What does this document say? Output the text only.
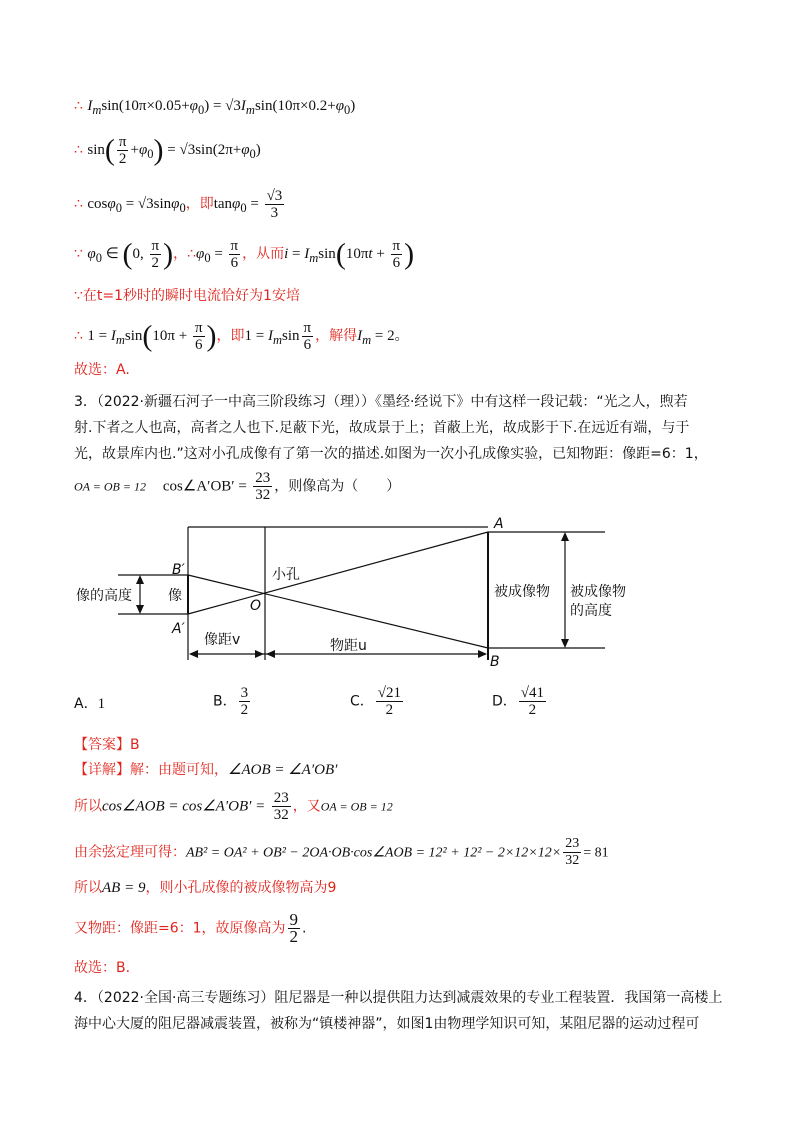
∴ $I_m\sin(10\pi\times 0.05+\varphi_0) = √3I_m\sin(10\pi\times 0.2+\varphi_0)$
∴ $\sin( \frac{\pi}{2} +\varphi_0) = √3\sin(2\pi+\varphi_0)$
∴ cosφ$_0$ = √3sinφ$_0$，即$\tan\varphi_0 = \frac{√3}{3}$
∵ $\varphi_0$ ∈ (0, $\frac{\pi}{2}$ )，$\therefore\varphi_0 = \frac{\pi}{6}$ ，从而$i = I_m\sin(10\pi t + \frac{\pi}{6}$ )
∵在t=1秒时的瞬时电流恰好为1安培
∴ $1 = I_m\sin(10\pi + \frac{\pi}{6}$ )，即$1 = I_m\sin \frac{\pi}{6}$ ，解得$I_m = 2$。
故选：A.
3．（2022·新疆石河子一中高三阶段练习（理））《墨经·经说下》中有这样一段记载：“光之人，煦若
射.下者之人也高，高者之人也下.足蔽下光，故成景于上；首蔽上光，故成影于下.在远近有端，与于
光，故景库内也.”这对小孔成像有了第一次的描述.如图为一次小孔成像实验，已知物距：像距=6：1，
OA = OB = 12 cos∠A′OB′ = $\frac{23}{32}$ ，则像高为（　　）
像的高度	像
小孔
O
B′
A′
A
B
被成像物 被成像物
的高度
像距v	物距u
A．1	B． $\frac{3}{2}$	C． $\frac{√21}{2}$	D． $\frac{√41}{2}$
【答案】B
【详解】解：由题可知，∠AOB = ∠A′OB′
所以cos∠AOB = cos∠A′OB′ = $\frac{23}{32}$ ，又OA = OB = 12
由余弦定理可得：AB² = OA² + OB² − 2OA·OB·cos∠AOB = $12^2 + 12^2 - 2\times 12\times 12\times \frac{23}{32} = 81$
所以AB = 9，则小孔成像的被成像物高为9
又物距：像距=6：1，故原像高为 $\frac{9}{2}$ .
故选：B.
4．（2022·全国·高三专题练习）阻尼器是一种以提供阻力达到减震效果的专业工程装置．我国第一高楼上
海中心大厦的阻尼器减震装置，被称为“镇楼神器”，如图1由物理学知识可知，某阻尼器的运动过程可
